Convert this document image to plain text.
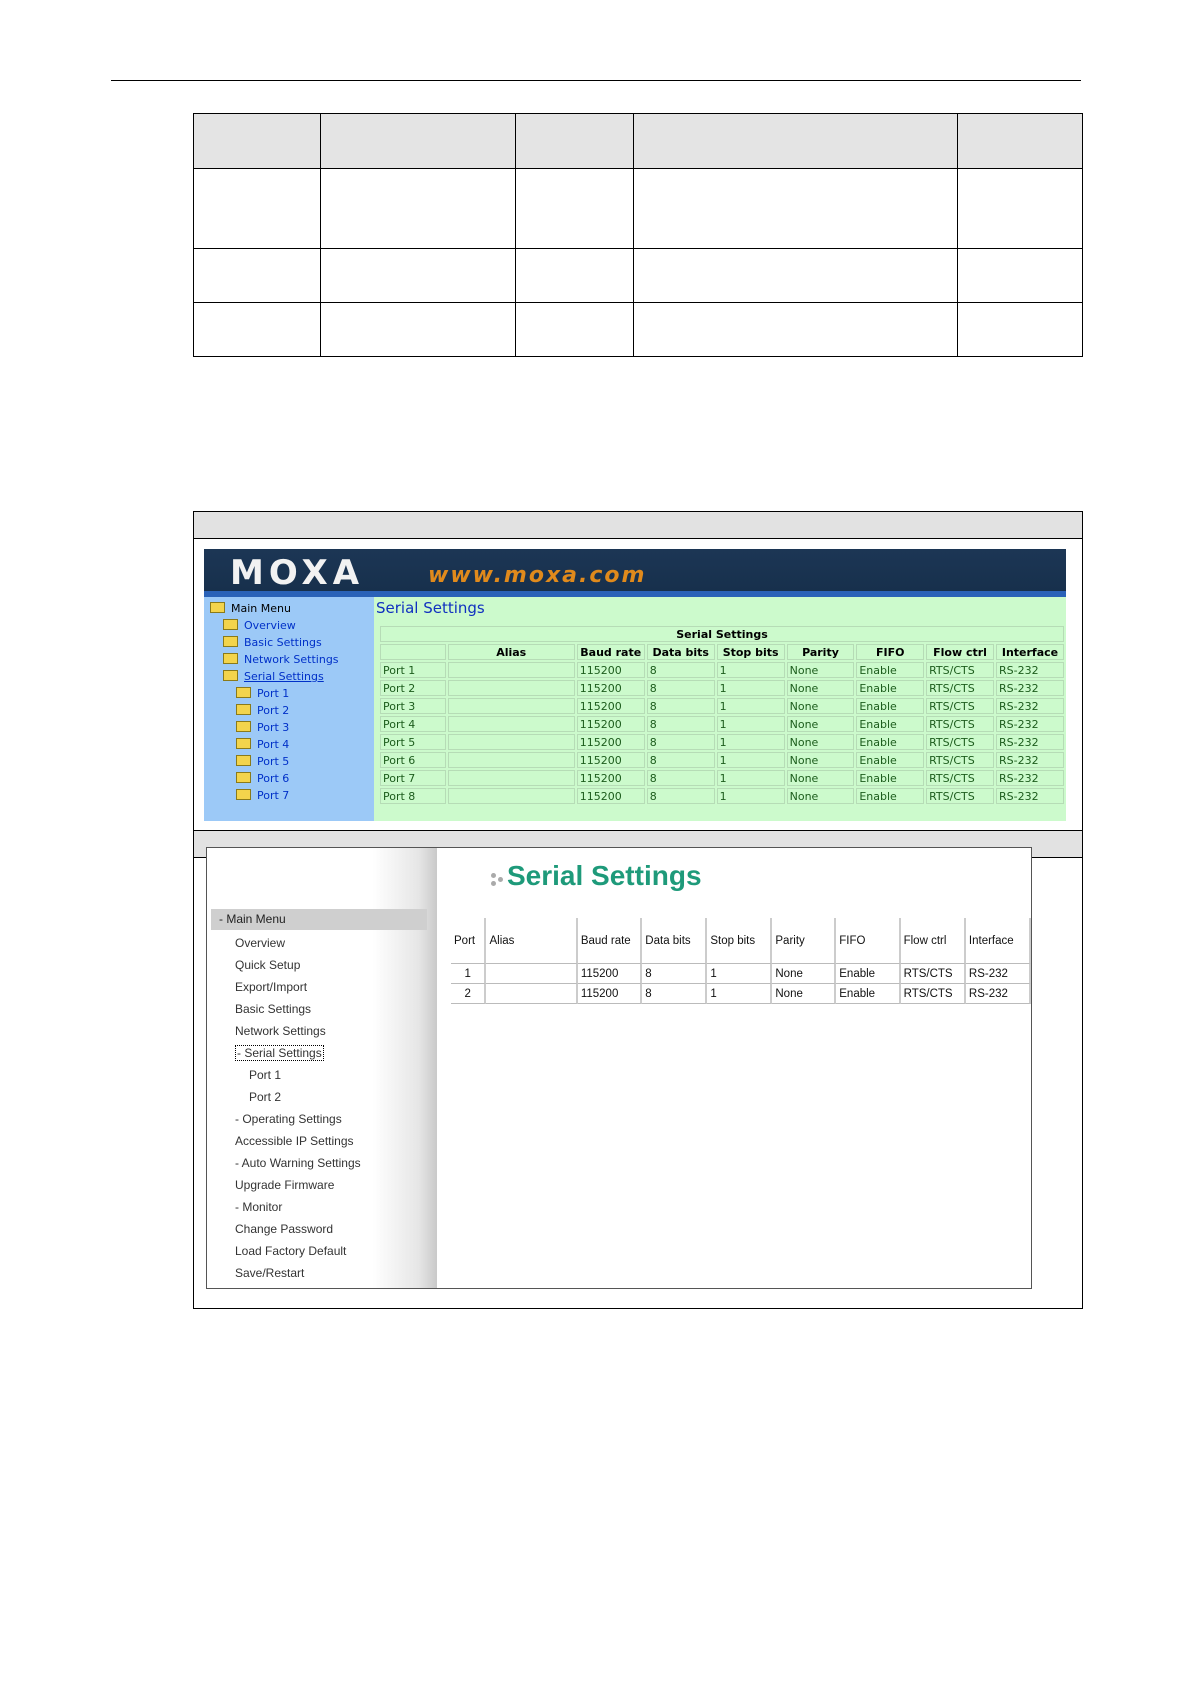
MOXA	www.moxa.com
Main Menu
Overview
Basic Settings
Network Settings
Serial Settings
Port 1
Port 2
Port 3
Port 4
Port 5
Port 6
Port 7
Serial Settings
Serial Settings								
	Alias	Baud rate	Data bits	Stop bits	Parity	FIFO	Flow ctrl	Interface
Port 1		115200	8	1	None	Enable	RTS/CTS	RS-232
Port 2		115200	8	1	None	Enable	RTS/CTS	RS-232
Port 3		115200	8	1	None	Enable	RTS/CTS	RS-232
Port 4		115200	8	1	None	Enable	RTS/CTS	RS-232
Port 5		115200	8	1	None	Enable	RTS/CTS	RS-232
Port 6		115200	8	1	None	Enable	RTS/CTS	RS-232
Port 7		115200	8	1	None	Enable	RTS/CTS	RS-232
Port 8		115200	8	1	None	Enable	RTS/CTS	RS-232
- Main Menu
Overview
Quick Setup
Export/Import
Basic Settings
Network Settings
- Serial Settings
Port 1
Port 2
- Operating Settings
Accessible IP Settings
- Auto Warning Settings
Upgrade Firmware
- Monitor
Change Password
Load Factory Default
Save/Restart
Serial Settings
Port	Alias	Baud rate	Data bits	Stop bits	Parity	FIFO	Flow ctrl	Interface
1		115200	8	1	None	Enable	RTS/CTS	RS-232
2		115200	8	1	None	Enable	RTS/CTS	RS-232
